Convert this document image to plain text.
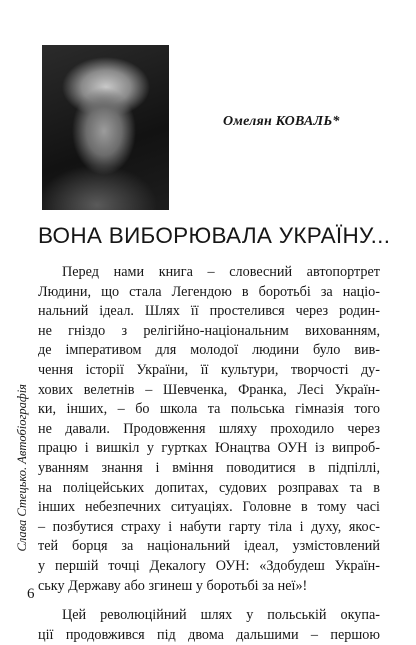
Омелян КОВАЛЬ*
ВОНА ВИБОРЮВАЛА УКРАЇНУ...
Перед нами книга – словесний автопортрет
Людини, що стала Легендою в боротьбі за націо-
нальний ідеал. Шлях її простелився через родин-
не гніздо з релігійно-національним вихованням,
де імперативом для молодої людини було вив-
чення історії України, її культури, творчості ду-
хових велетнів – Шевченка, Франка, Лесі Україн-
ки, інших, – бо школа та польська гімназія того
не давали. Продовження шляху проходило через
працю і вишкіл у гуртках Юнацтва ОУН із випроб-
уванням знання і вміння поводитися в підпіллі,
на поліцейських допитах, судових розправах та в
інших небезпечних ситуаціях. Головне в тому часі
– позбутися страху і набути гарту тіла і духу, якос-
тей борця за національний ідеал, узмістовлений
у першій точці Декалогу ОУН: «Здобудеш Україн-
ську Державу або згинеш у боротьбі за неї»!
Цей революційний шлях у польській окупа-
ції продовжився під двома дальшими – першою
Слава Стецько. Автобіографія
6
